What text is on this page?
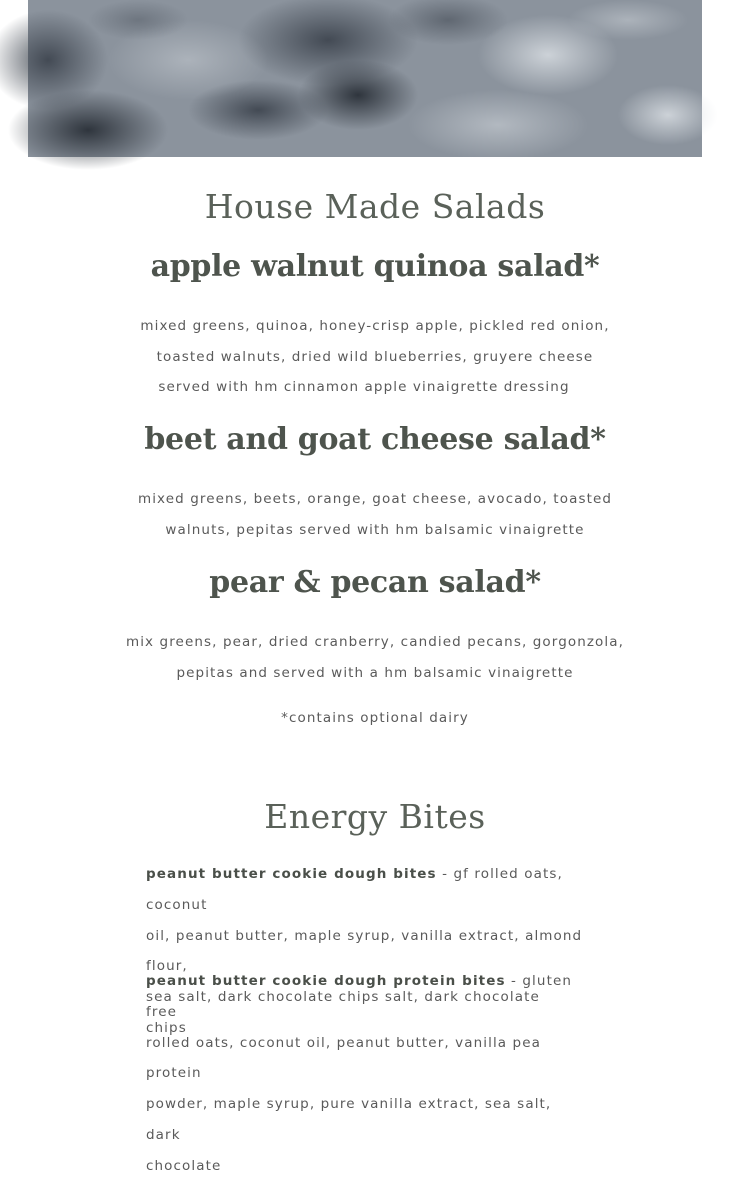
House Made Salads
apple walnut quinoa salad*

mixed greens, quinoa, honey-crisp apple, pickled red onion,

toasted walnuts, dried wild blueberries, gruyere cheese

served with hm cinnamon apple vinaigrette dressing

beet and goat cheese salad*

mixed greens, beets, orange, goat cheese, avocado, toasted

walnuts, pepitas served with hm balsamic vinaigrette

pear & pecan salad*

mix greens, pear, dried cranberry, candied pecans, gorgonzola,

pepitas and served with a hm balsamic vinaigrette

*contains optional dairy

Energy Bites
peanut butter cookie dough bites - gf rolled oats, coconut
oil, peanut butter, maple syrup, vanilla extract, almond flour,
sea salt, dark chocolate chips salt, dark chocolate chips
peanut butter cookie dough protein bites - gluten free
rolled oats, coconut oil, peanut butter, vanilla pea protein
powder, maple syrup, pure vanilla extract, sea salt, dark
chocolate
